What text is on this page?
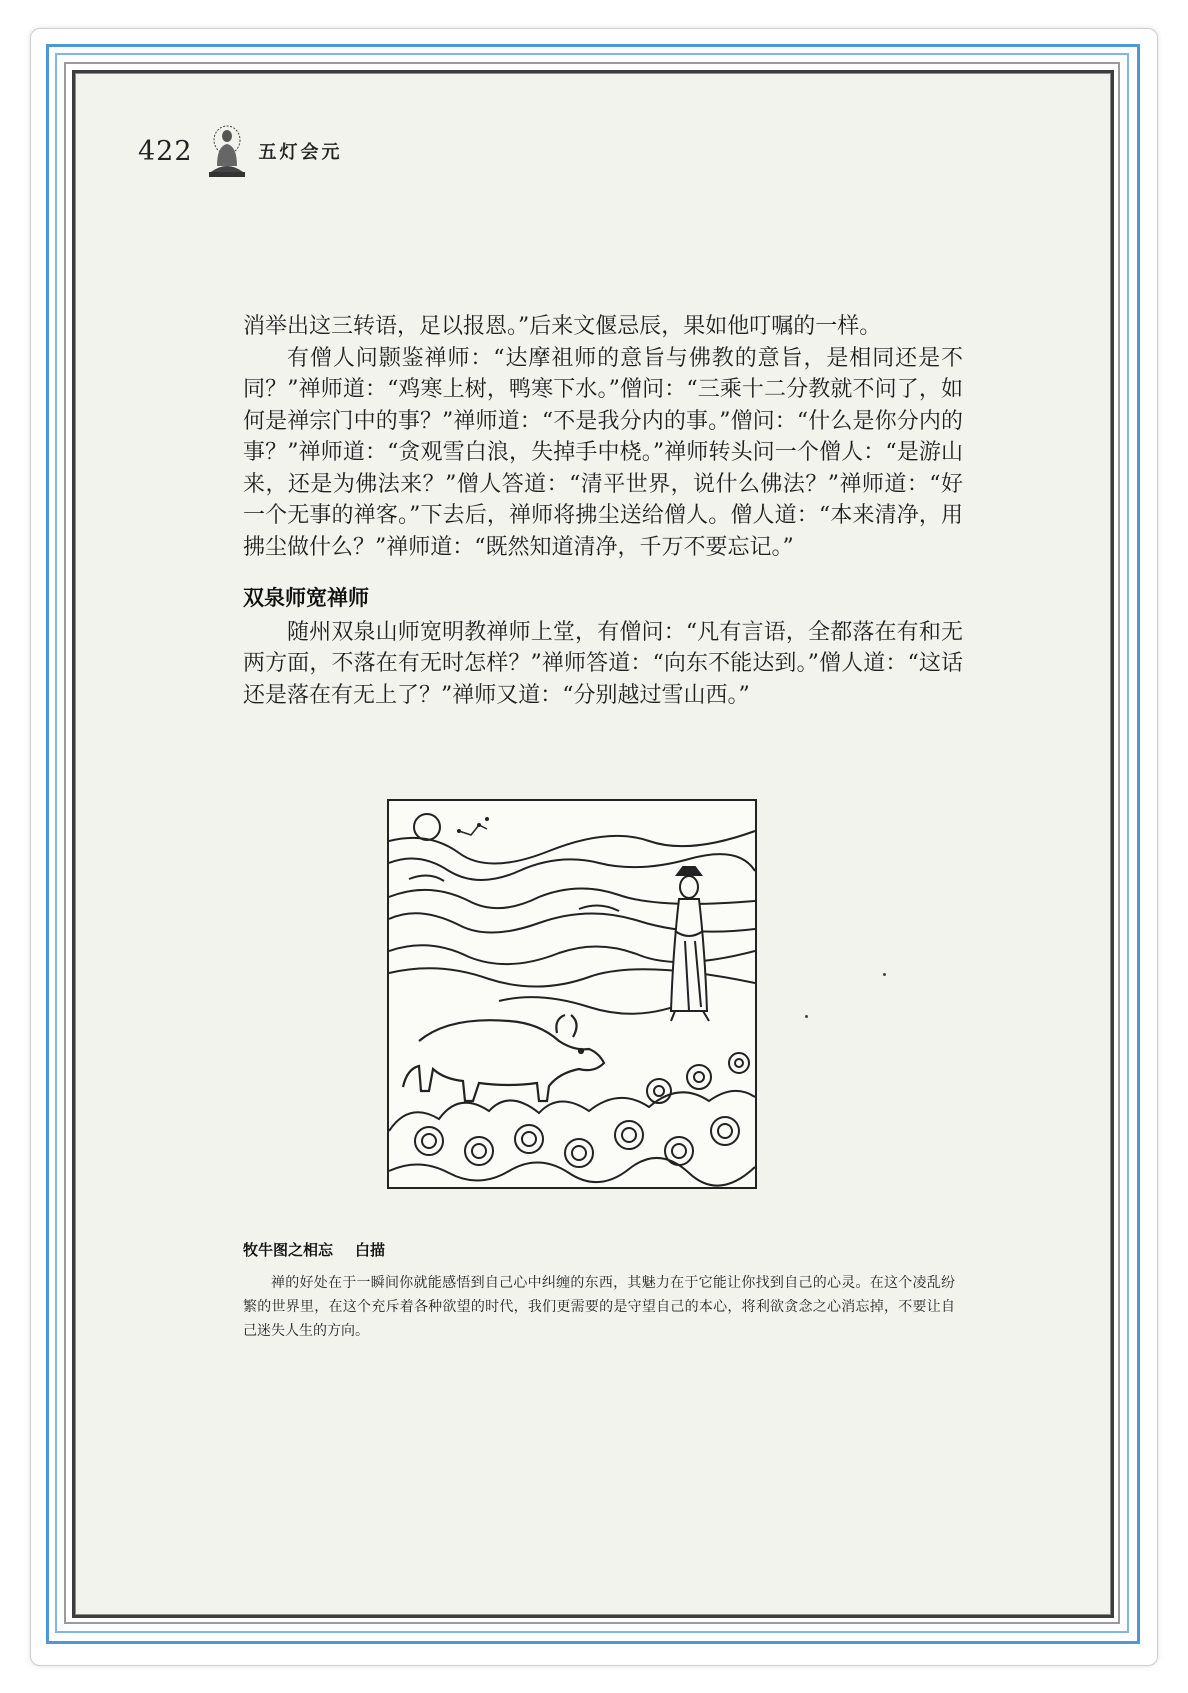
422	五灯会元

消举出这三转语，足以报恩。”后来文偃忌辰，果如他叮嘱的一样。

有僧人问颢鉴禅师：“达摩祖师的意旨与佛教的意旨，是相同还是不同？”禅师道：“鸡寒上树，鸭寒下水。”僧问：“三乘十二分教就不问了，如何是禅宗门中的事？”禅师道：“不是我分内的事。”僧问：“什么是你分内的事？”禅师道：“贪观雪白浪，失掉手中桡。”禅师转头问一个僧人：“是游山来，还是为佛法来？”僧人答道：“清平世界，说什么佛法？”禅师道：“好一个无事的禅客。”下去后，禅师将拂尘送给僧人。僧人道：“本来清净，用拂尘做什么？”禅师道：“既然知道清净，千万不要忘记。”

双泉师宽禅师

随州双泉山师宽明教禅师上堂，有僧问：“凡有言语，全都落在有和无两方面，不落在有无时怎样？”禅师答道：“向东不能达到。”僧人道：“这话还是落在有无上了？”禅师又道：“分别越过雪山西。”

牧牛图之相忘 白描
禅的好处在于一瞬间你就能感悟到自己心中纠缠的东西，其魅力在于它能让你找到自己的心灵。在这个凌乱纷繁的世界里，在这个充斥着各种欲望的时代，我们更需要的是守望自己的本心，将利欲贪念之心消忘掉，不要让自己迷失人生的方向。
